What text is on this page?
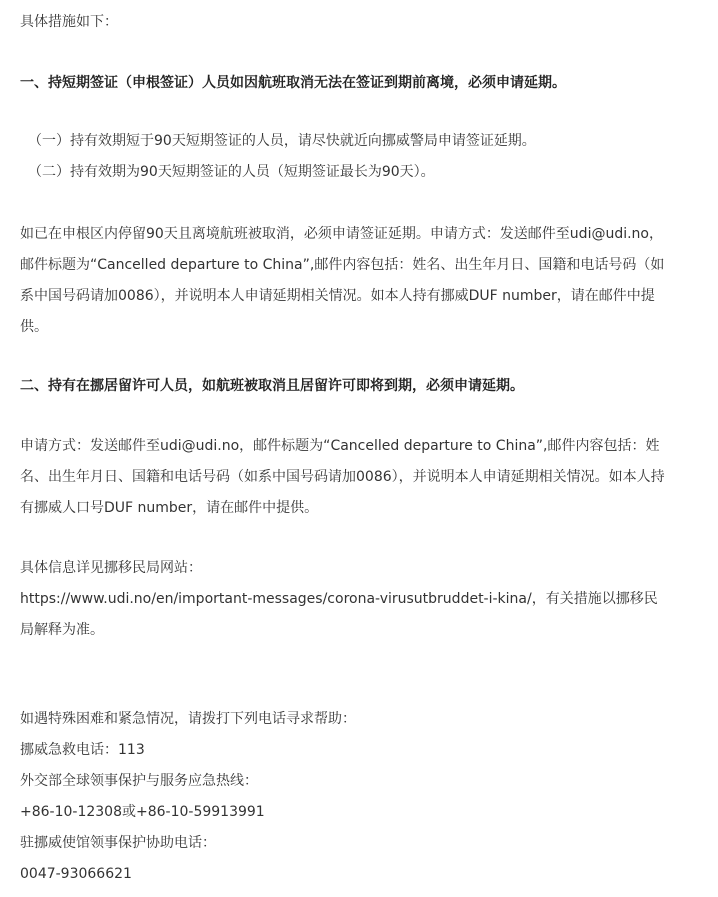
具体措施如下：
一、持短期签证（申根签证）人员如因航班取消无法在签证到期前离境，必须申请延期。
（一）持有效期短于90天短期签证的人员，请尽快就近向挪威警局申请签证延期。
（二）持有效期为90天短期签证的人员（短期签证最长为90天）。
如已在申根区内停留90天且离境航班被取消，必须申请签证延期。申请方式：发送邮件至udi@udi.no，
邮件标题为“Cancelled departure to China”,邮件内容包括：姓名、出生年月日、国籍和电话号码（如
系中国号码请加0086），并说明本人申请延期相关情况。如本人持有挪威DUF number，请在邮件中提
供。
二、持有在挪居留许可人员，如航班被取消且居留许可即将到期，必须申请延期。
申请方式：发送邮件至udi@udi.no，邮件标题为“Cancelled departure to China”,邮件内容包括：姓
名、出生年月日、国籍和电话号码（如系中国号码请加0086），并说明本人申请延期相关情况。如本人持
有挪威人口号DUF number，请在邮件中提供。
具体信息详见挪移民局网站：
https://www.udi.no/en/important-messages/corona-virusutbruddet-i-kina/，有关措施以挪移民
局解释为准。
如遇特殊困难和紧急情况，请拨打下列电话寻求帮助：
挪威急救电话：113
外交部全球领事保护与服务应急热线：
+86-10-12308或+86-10-59913991
驻挪威使馆领事保护协助电话：
0047-93066621
